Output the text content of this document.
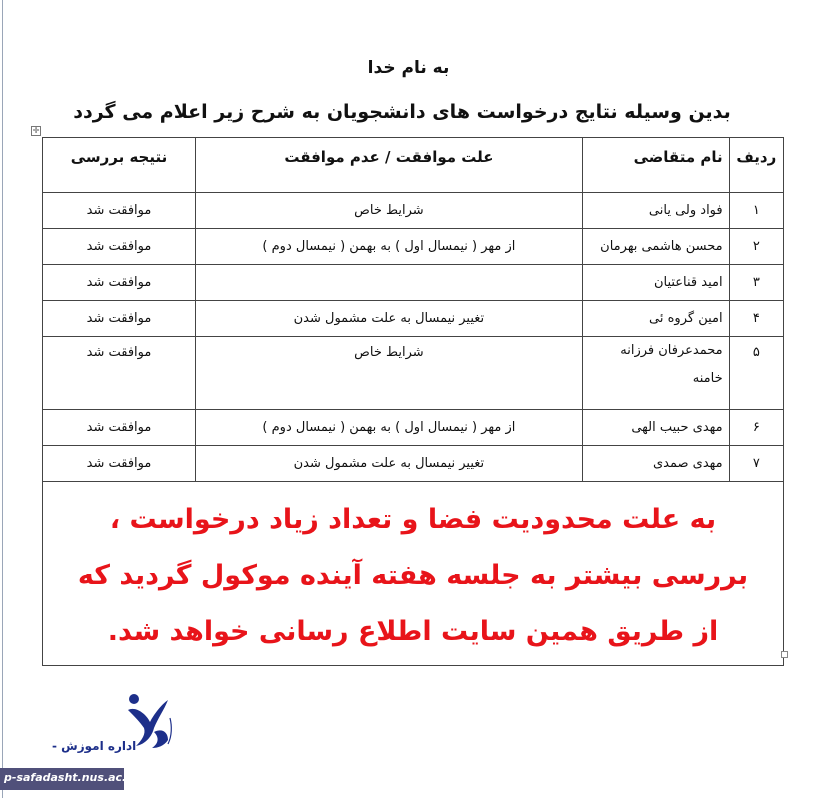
به نام خدا
بدین وسیله نتایج درخواست های دانشجویان به شرح زیر اعلام می گردد
✛
ردیف	نام متقاضی	علت موافقت / عدم موافقت	نتیجه بررسی
۱	فواد ولی یانی	شرایط خاص	موافقت شد
۲	محسن هاشمی بهرمان	از مهر ( نیمسال اول ) به بهمن ( نیمسال دوم )	موافقت شد
۳	امید قناعتیان		موافقت شد
۴	امین گروه ئی	تغییر نیمسال به علت مشمول شدن	موافقت شد
۵	محمدعرفان فرزانه خامنه	شرایط خاص	موافقت شد
۶	مهدی حبیب الهی	از مهر ( نیمسال اول ) به بهمن ( نیمسال دوم )	موافقت شد
۷	مهدی صمدی	تغییر نیمسال به علت مشمول شدن	موافقت شد
به علت محدودیت فضا و تعداد زیاد درخواست ، بررسی بیشتر به جلسه هفته آینده موکول گردید که از طریق همین سایت اطلاع رسانی خواهد شد.			
اداره اموزش -
p-safadasht.nus.ac.ir
